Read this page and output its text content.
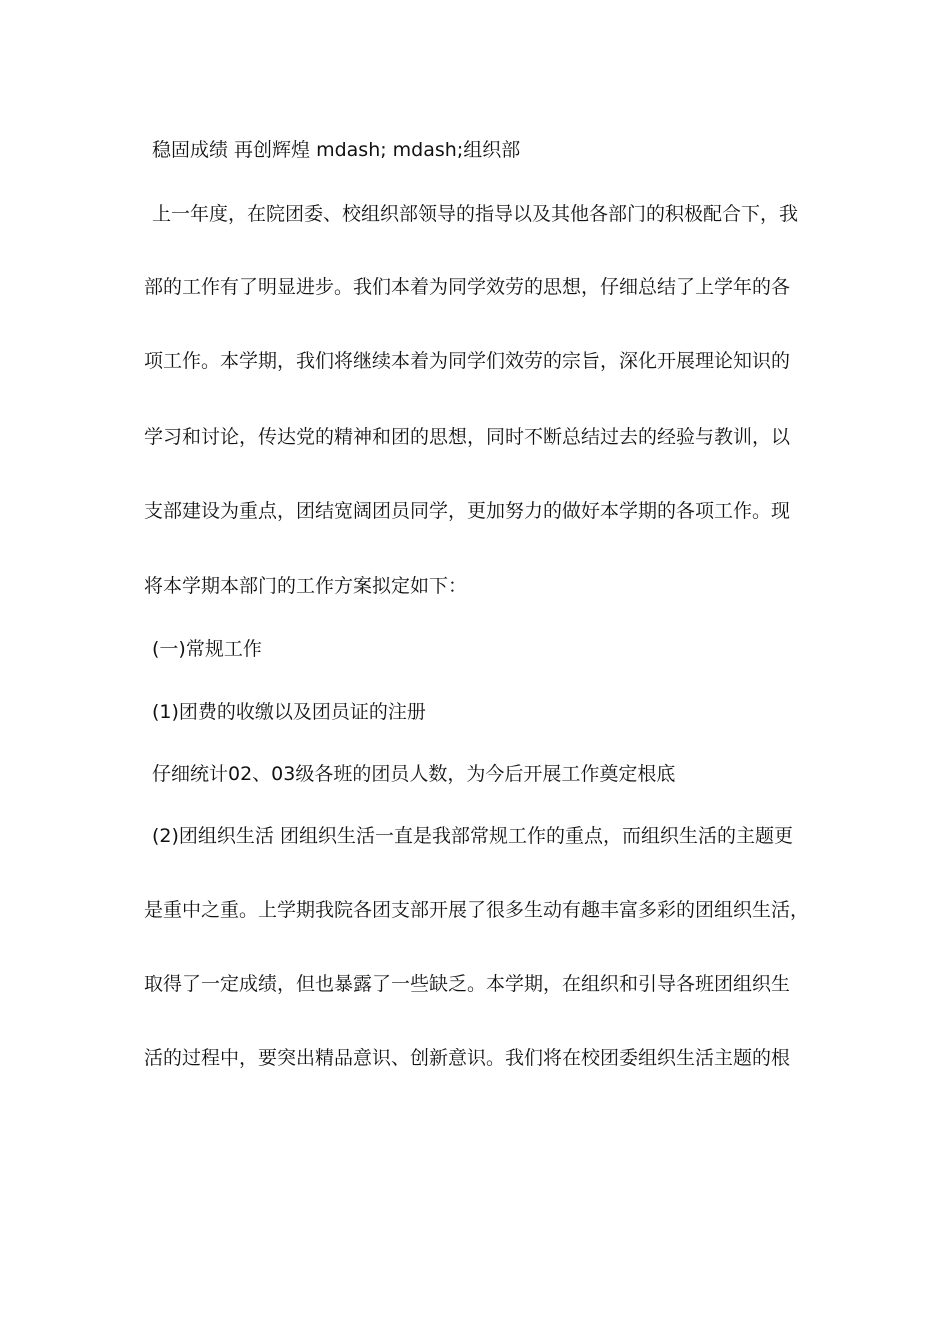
稳固成绩 再创辉煌 mdash; mdash;组织部
上一年度，在院团委、校组织部领导的指导以及其他各部门的积极配合下，我
部的工作有了明显进步。我们本着为同学效劳的思想，仔细总结了上学年的各
项工作。本学期，我们将继续本着为同学们效劳的宗旨，深化开展理论知识的
学习和讨论，传达党的精神和团的思想，同时不断总结过去的经验与教训，以
支部建设为重点，团结宽阔团员同学，更加努力的做好本学期的各项工作。现
将本学期本部门的工作方案拟定如下：
(一)常规工作
(1)团费的收缴以及团员证的注册
仔细统计02、03级各班的团员人数，为今后开展工作奠定根底
(2)团组织生活 团组织生活一直是我部常规工作的重点，而组织生活的主题更
是重中之重。上学期我院各团支部开展了很多生动有趣丰富多彩的团组织生活，
取得了一定成绩，但也暴露了一些缺乏。本学期，在组织和引导各班团组织生
活的过程中，要突出精品意识、创新意识。我们将在校团委组织生活主题的根
